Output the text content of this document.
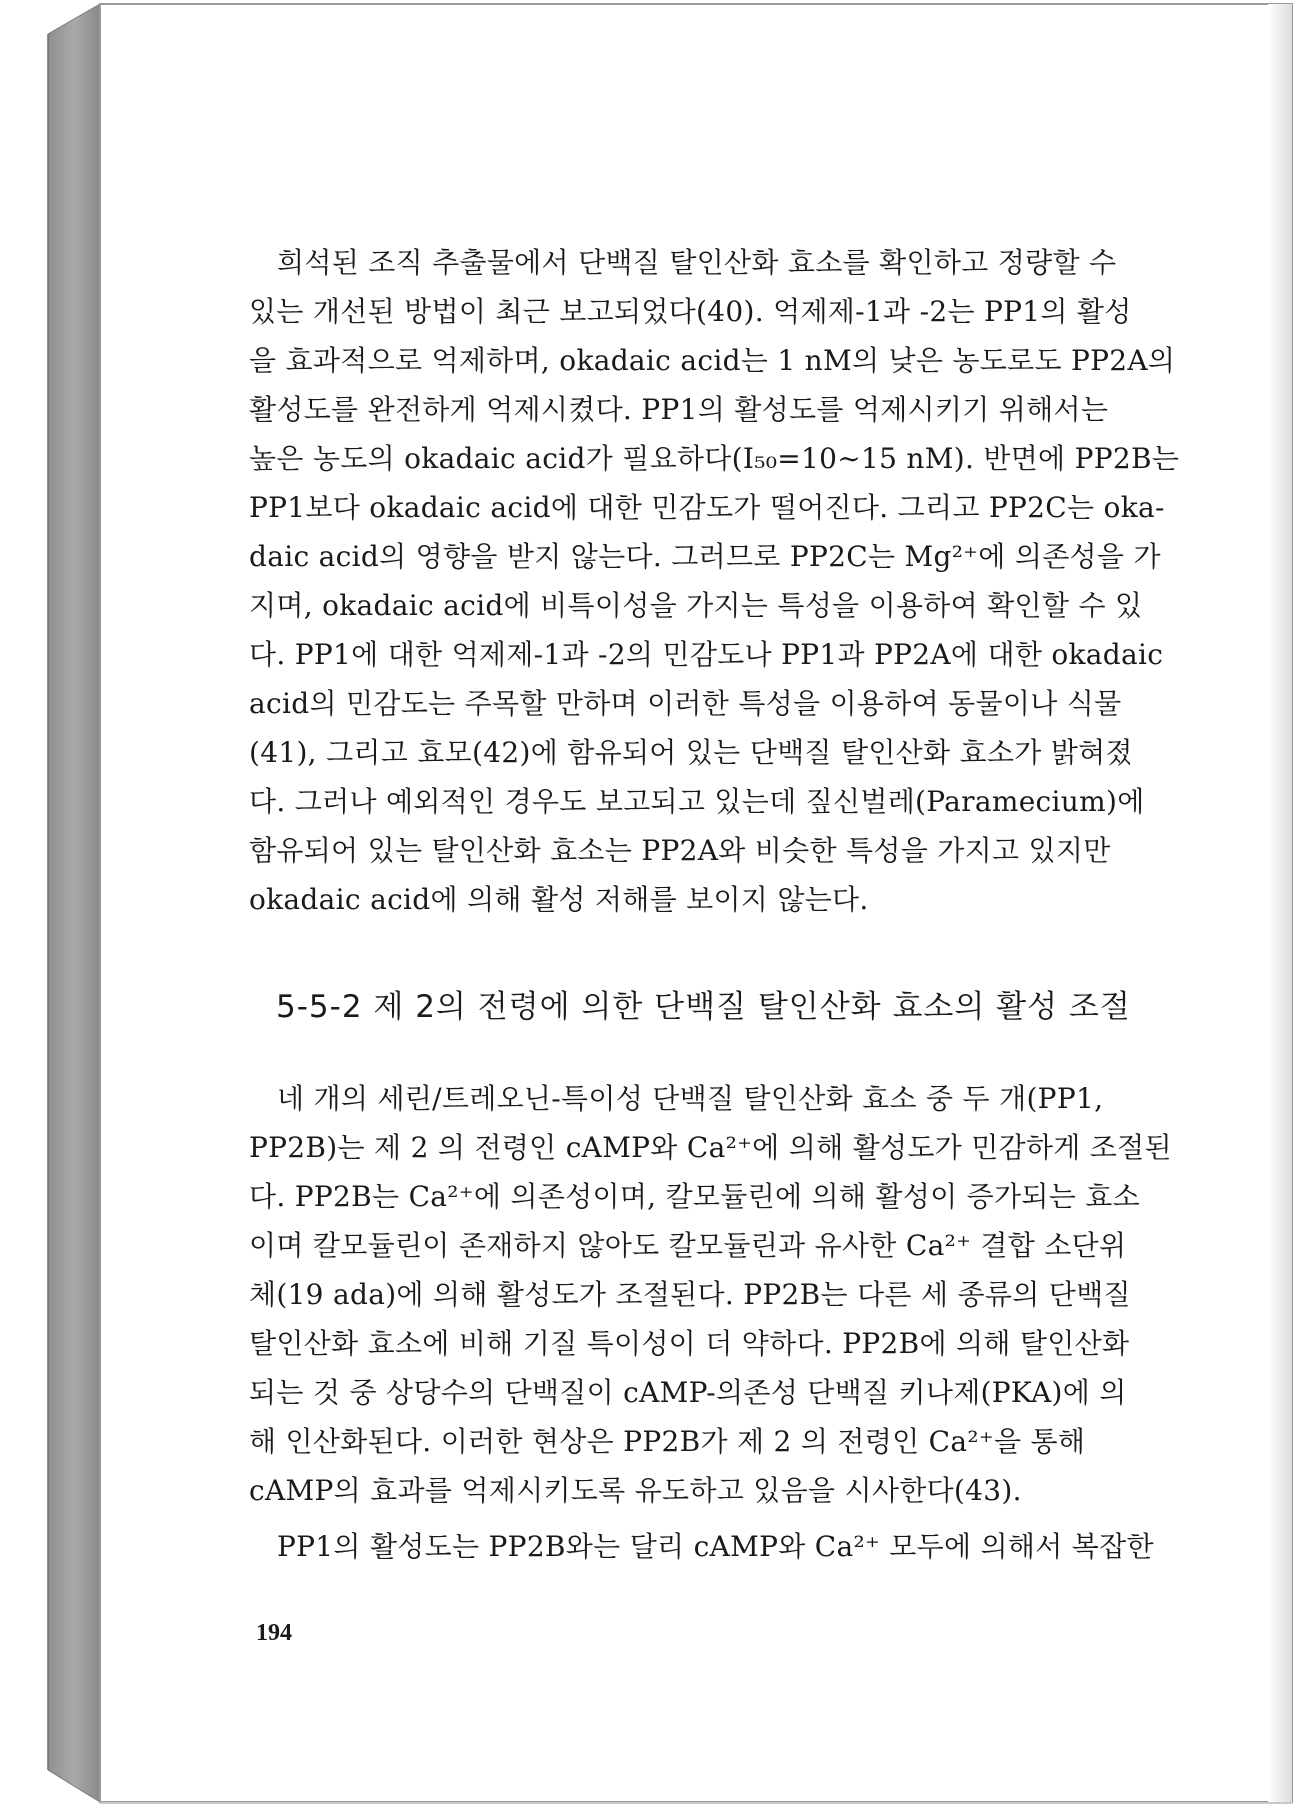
희석된 조직 추출물에서 단백질 탈인산화 효소를 확인하고 정량할 수
있는 개선된 방법이 최근 보고되었다(40). 억제제-1과 -2는 PP1의 활성
을 효과적으로 억제하며, okadaic acid는 1 nM의 낮은 농도로도 PP2A의
활성도를 완전하게 억제시켰다. PP1의 활성도를 억제시키기 위해서는
높은 농도의 okadaic acid가 필요하다(I₅₀=10∼15 nM). 반면에 PP2B는
PP1보다 okadaic acid에 대한 민감도가 떨어진다. 그리고 PP2C는 oka-
daic acid의 영향을 받지 않는다. 그러므로 PP2C는 Mg²⁺에 의존성을 가
지며, okadaic acid에 비특이성을 가지는 특성을 이용하여 확인할 수 있
다. PP1에 대한 억제제-1과 -2의 민감도나 PP1과 PP2A에 대한 okadaic
acid의 민감도는 주목할 만하며 이러한 특성을 이용하여 동물이나 식물
(41), 그리고 효모(42)에 함유되어 있는 단백질 탈인산화 효소가 밝혀졌
다. 그러나 예외적인 경우도 보고되고 있는데 짚신벌레(Paramecium)에
함유되어 있는 탈인산화 효소는 PP2A와 비슷한 특성을 가지고 있지만
okadaic acid에 의해 활성 저해를 보이지 않는다.

5-5-2 제 2의 전령에 의한 단백질 탈인산화 효소의 활성 조절

네 개의 세린/트레오닌-특이성 단백질 탈인산화 효소 중 두 개(PP1,
PP2B)는 제 2 의 전령인 cAMP와 Ca²⁺에 의해 활성도가 민감하게 조절된
다. PP2B는 Ca²⁺에 의존성이며, 칼모듈린에 의해 활성이 증가되는 효소
이며 칼모듈린이 존재하지 않아도 칼모듈린과 유사한 Ca²⁺ 결합 소단위
체(19 ada)에 의해 활성도가 조절된다. PP2B는 다른 세 종류의 단백질
탈인산화 효소에 비해 기질 특이성이 더 약하다. PP2B에 의해 탈인산화
되는 것 중 상당수의 단백질이 cAMP-의존성 단백질 키나제(PKA)에 의
해 인산화된다. 이러한 현상은 PP2B가 제 2 의 전령인 Ca²⁺을 통해
cAMP의 효과를 억제시키도록 유도하고 있음을 시사한다(43).

PP1의 활성도는 PP2B와는 달리 cAMP와 Ca²⁺ 모두에 의해서 복잡한

194
